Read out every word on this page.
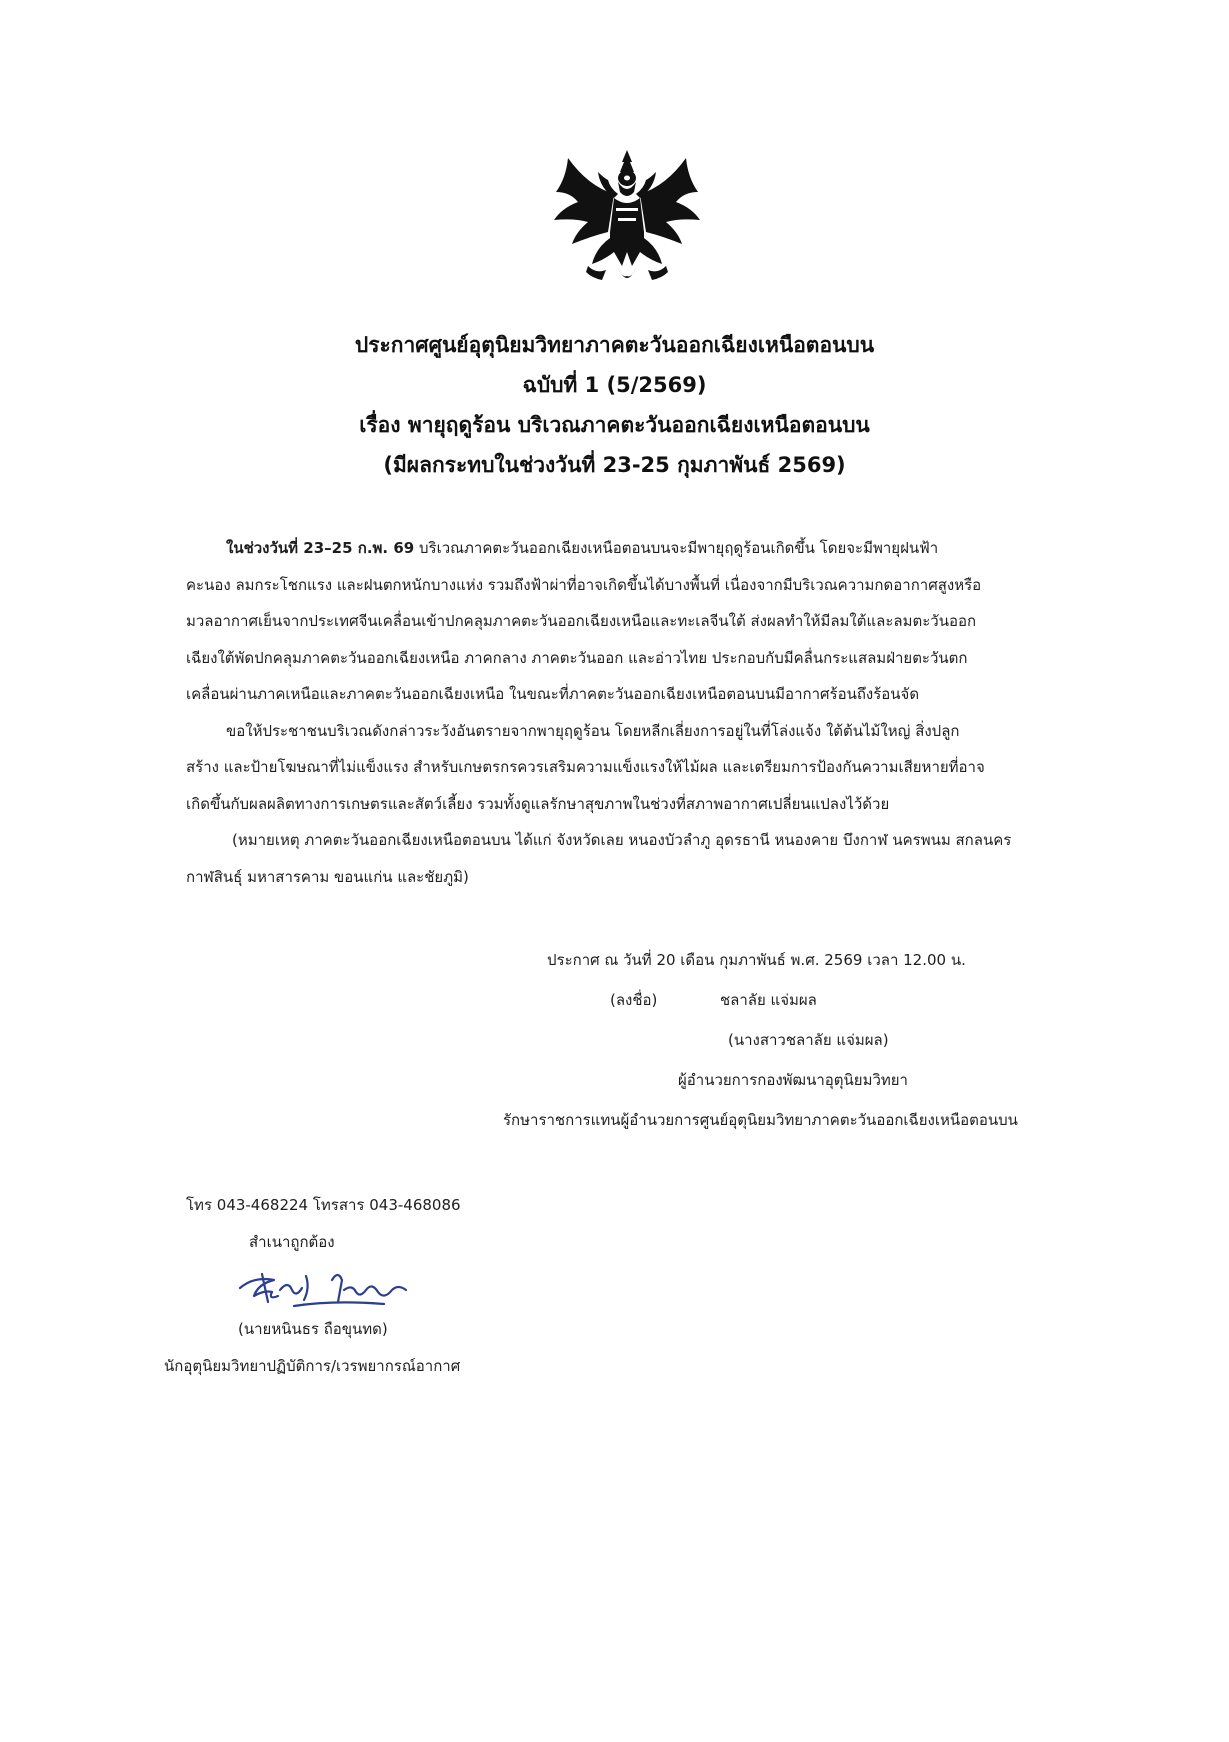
ประกาศศูนย์อุตุนิยมวิทยาภาคตะวันออกเฉียงเหนือตอนบน
ฉบับที่ 1 (5/2569)
เรื่อง พายุฤดูร้อน บริเวณภาคตะวันออกเฉียงเหนือตอนบน
(มีผลกระทบในช่วงวันที่ 23-25 กุมภาพันธ์ 2569)
ในช่วงวันที่ 23–25 ก.พ. 69 บริเวณภาคตะวันออกเฉียงเหนือตอนบนจะมีพายุฤดูร้อนเกิดขึ้น โดยจะมีพายุฝนฟ้า
คะนอง ลมกระโชกแรง และฝนตกหนักบางแห่ง รวมถึงฟ้าผ่าที่อาจเกิดขึ้นได้บางพื้นที่ เนื่องจากมีบริเวณความกดอากาศสูงหรือ
มวลอากาศเย็นจากประเทศจีนเคลื่อนเข้าปกคลุมภาคตะวันออกเฉียงเหนือและทะเลจีนใต้ ส่งผลทำให้มีลมใต้และลมตะวันออก
เฉียงใต้พัดปกคลุมภาคตะวันออกเฉียงเหนือ ภาคกลาง ภาคตะวันออก และอ่าวไทย ประกอบกับมีคลื่นกระแสลมฝ่ายตะวันตก
เคลื่อนผ่านภาคเหนือและภาคตะวันออกเฉียงเหนือ ในขณะที่ภาคตะวันออกเฉียงเหนือตอนบนมีอากาศร้อนถึงร้อนจัด
ขอให้ประชาชนบริเวณดังกล่าวระวังอันตรายจากพายุฤดูร้อน โดยหลีกเลี่ยงการอยู่ในที่โล่งแจ้ง ใต้ต้นไม้ใหญ่ สิ่งปลูก
สร้าง และป้ายโฆษณาที่ไม่แข็งแรง สำหรับเกษตรกรควรเสริมความแข็งแรงให้ไม้ผล และเตรียมการป้องกันความเสียหายที่อาจ
เกิดขึ้นกับผลผลิตทางการเกษตรและสัตว์เลี้ยง รวมทั้งดูแลรักษาสุขภาพในช่วงที่สภาพอากาศเปลี่ยนแปลงไว้ด้วย
(หมายเหตุ ภาคตะวันออกเฉียงเหนือตอนบน ได้แก่ จังหวัดเลย หนองบัวลำภู อุดรธานี หนองคาย บึงกาฬ นครพนม สกลนคร
กาฬสินธุ์ มหาสารคาม ขอนแก่น และชัยภูมิ)
ประกาศ ณ วันที่ 20 เดือน กุมภาพันธ์ พ.ศ. 2569 เวลา 12.00 น.
(ลงชื่อ)	ชลาลัย แจ่มผล
(นางสาวชลาลัย แจ่มผล)
ผู้อำนวยการกองพัฒนาอุตุนิยมวิทยา
รักษาราชการแทนผู้อำนวยการศูนย์อุตุนิยมวิทยาภาคตะวันออกเฉียงเหนือตอนบน
โทร 043-468224 โทรสาร 043-468086
สำเนาถูกต้อง
(นายหนินธร ถือขุนทด)
นักอุตุนิยมวิทยาปฏิบัติการ/เวรพยากรณ์อากาศ
